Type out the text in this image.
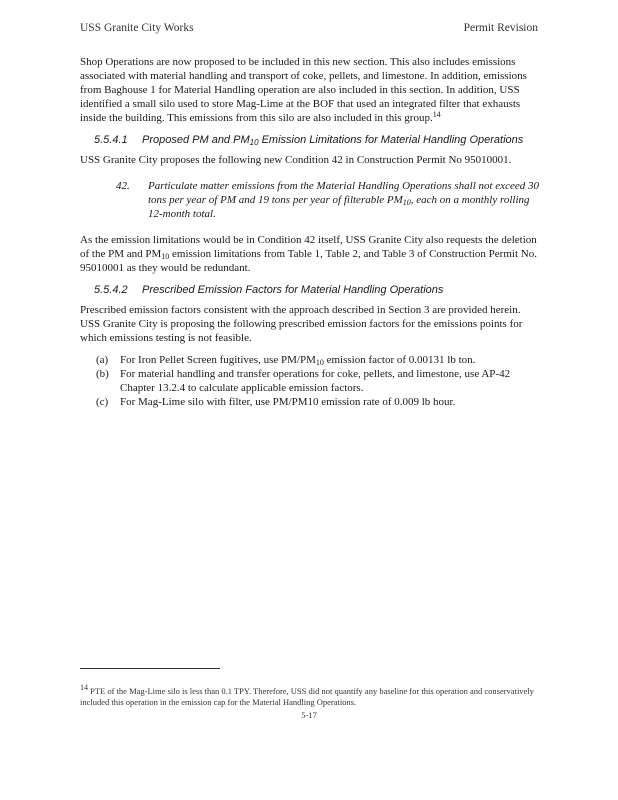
USS Granite City Works	Permit Revision

Shop Operations are now proposed to be included in this new section. This also includes emissions associated with material handling and transport of coke, pellets, and limestone. In addition, emissions from Baghouse 1 for Material Handling operation are also included in this section. In addition, USS identified a small silo used to store Mag-Lime at the BOF that used an integrated filter that exhausts inside the building. This emissions from this silo are also included in this group.$^{14}$

5.5.4.1	Proposed PM and $PM_{10}$ Emission Limitations for Material Handling Operations

USS Granite City proposes the following new Condition 42 in Construction Permit No 95010001.

42.	Particulate matter emissions from the Material Handling Operations shall not exceed 30 tons per year of PM and 19 tons per year of filterable $PM_{10}$, each on a monthly rolling 12-month total.

As the emission limitations would be in Condition 42 itself, USS Granite City also requests the deletion of the PM and $PM_{10}$ emission limitations from Table 1, Table 2, and Table 3 of Construction Permit No. 95010001 as they would be redundant.

5.5.4.2	Prescribed Emission Factors for Material Handling Operations

Prescribed emission factors consistent with the approach described in Section 3 are provided herein. USS Granite City is proposing the following prescribed emission factors for the emissions points for which emissions testing is not feasible.

(a)	For Iron Pellet Screen fugitives, use $PM/PM_{10}$ emission factor of 0.00131 lb ton.
(b)	For material handling and transfer operations for coke, pellets, and limestone, use AP-42 Chapter 13.2.4 to calculate applicable emission factors.
(c)	For Mag-Lime silo with filter, use PM/PM10 emission rate of 0.009 lb hour.
$^{14}$ PTE of the Mag-Lime silo is less than 0.1 TPY. Therefore, USS did not quantify any baseline for this operation and conservatively included this operation in the emission cap for the Material Handling Operations.
5-17
